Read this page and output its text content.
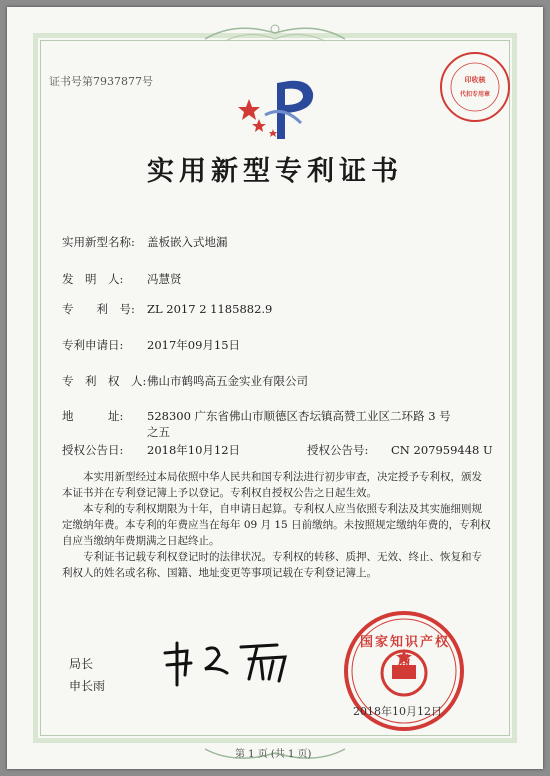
证书号第7937877号	印收核
代扣专用章
实用新型专利证书
实用新型名称: 盖板嵌入式地漏
发　明　人: 冯慧贤
专　　利　号: ZL 2017 2 1185882.9
专利申请日: 2017年09月15日
专　利　权　人: 佛山市鹤鸣高五金实业有限公司
地　　　址: 528300 广东省佛山市顺德区杏坛镇高赞工业区二环路 3 号
之五
授权公告日: 2018年10月12日	授权公告号: CN 207959448 U
本实用新型经过本局依照中华人民共和国专利法进行初步审查，决定授予专利权，颁发本证书并在专利登记簿上予以登记。专利权自授权公告之日起生效。
本专利的专利权期限为十年，自申请日起算。专利权人应当依照专利法及其实施细则规定缴纳年费。本专利的年费应当在每年 09 月 15 日前缴纳。未按照规定缴纳年费的，专利权自应当缴纳年费期满之日起终止。
专利证书记载专利权登记时的法律状况。专利权的转移、质押、无效、终止、恢复和专利权人的姓名或名称、国籍、地址变更等事项记载在专利登记簿上。
局长
申长雨
国家知识产权局
2018年10月12日
第 1 页 (共 1 页)
